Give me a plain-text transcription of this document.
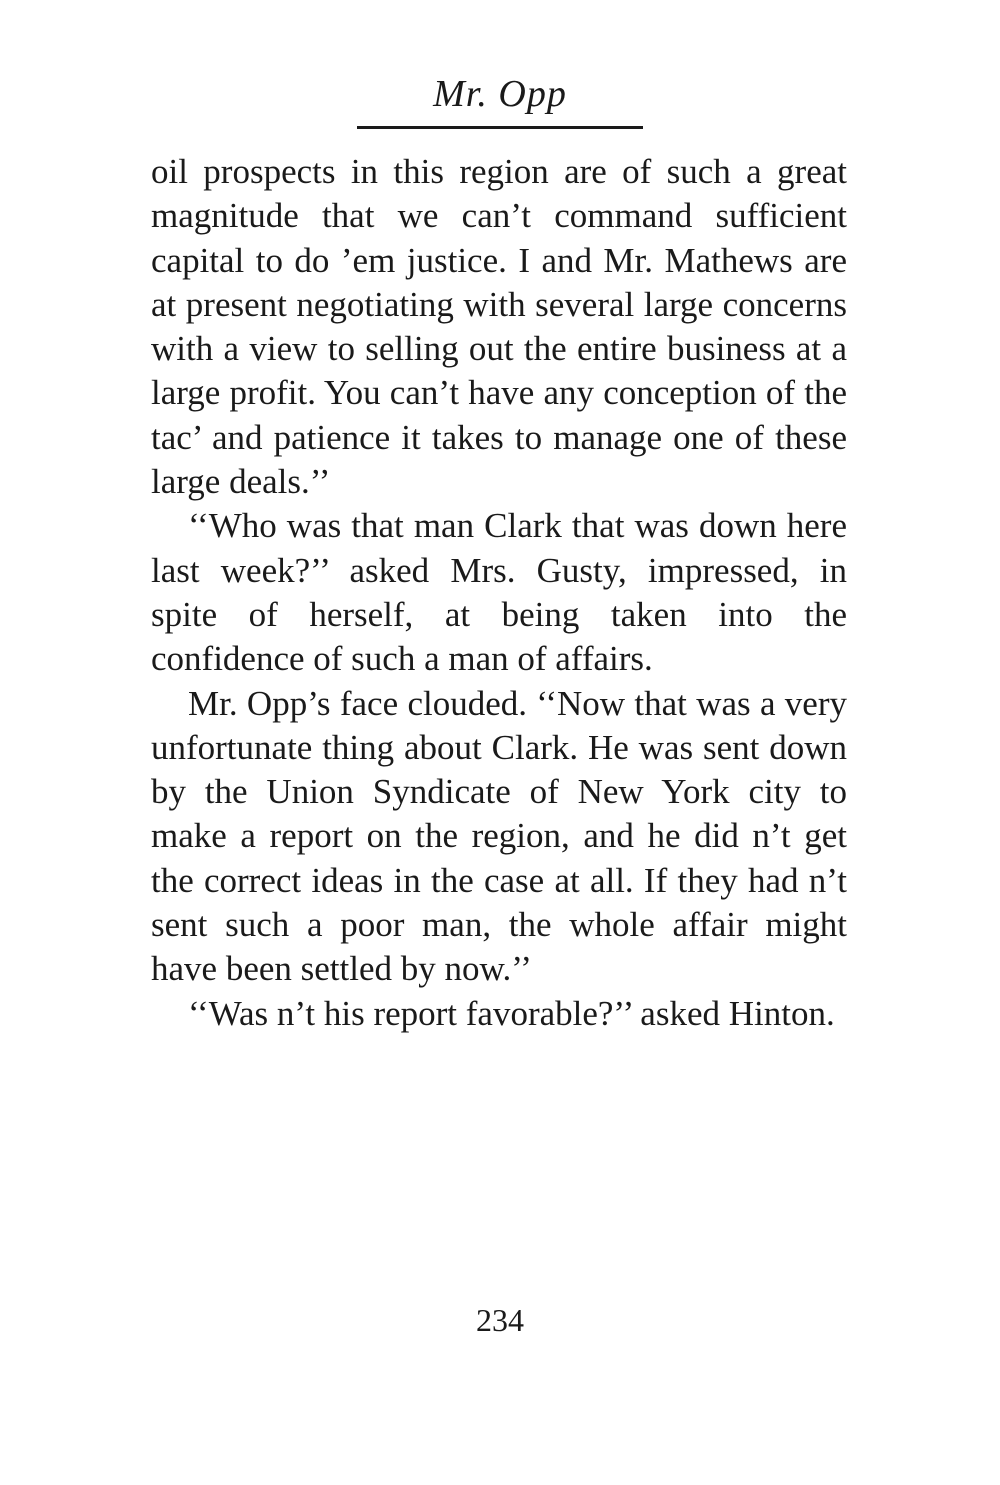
Mr. Opp

oil prospects in this region are of such a great magnitude that we can’t command sufficient capital to do ’em justice. I and Mr. Mathews are at present negotiating with several large concerns with a view to selling out the entire business at a large profit. You can’t have any conception of the tac’ and patience it takes to manage one of these large deals.’’

‘‘Who was that man Clark that was down here last week?’’ asked Mrs. Gusty, impressed, in spite of herself, at being taken into the confidence of such a man of affairs.

Mr. Opp’s face clouded. ‘‘Now that was a very unfortunate thing about Clark. He was sent down by the Union Syndicate of New York city to make a report on the region, and he did n’t get the correct ideas in the case at all. If they had n’t sent such a poor man, the whole affair might have been settled by now.’’

‘‘Was n’t his report favorable?’’ asked Hinton.

234
